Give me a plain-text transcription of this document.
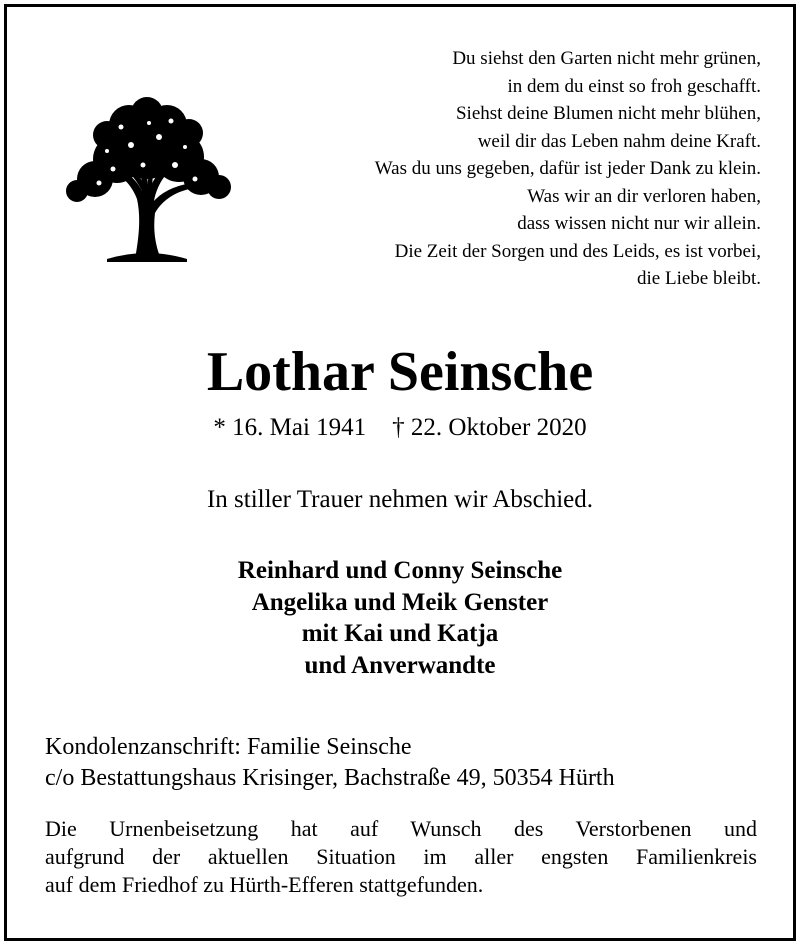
Du siehst den Garten nicht mehr grünen,
in dem du einst so froh geschafft.
Siehst deine Blumen nicht mehr blühen,
weil dir das Leben nahm deine Kraft.
Was du uns gegeben, dafür ist jeder Dank zu klein.
Was wir an dir verloren haben,
dass wissen nicht nur wir allein.
Die Zeit der Sorgen und des Leids, es ist vorbei,
die Liebe bleibt.
Lothar Seinsche
* 16. Mai 1941 † 22. Oktober 2020
In stiller Trauer nehmen wir Abschied.
Reinhard und Conny Seinsche
Angelika und Meik Genster
mit Kai und Katja
und Anverwandte
Kondolenzanschrift: Familie Seinsche
c/o Bestattungshaus Krisinger, Bachstraße 49, 50354 Hürth
Die Urnenbeisetzung hat auf Wunsch des Verstorbenen und
aufgrund der aktuellen Situation im aller engsten Familienkreis
auf dem Friedhof zu Hürth-Efferen stattgefunden.
